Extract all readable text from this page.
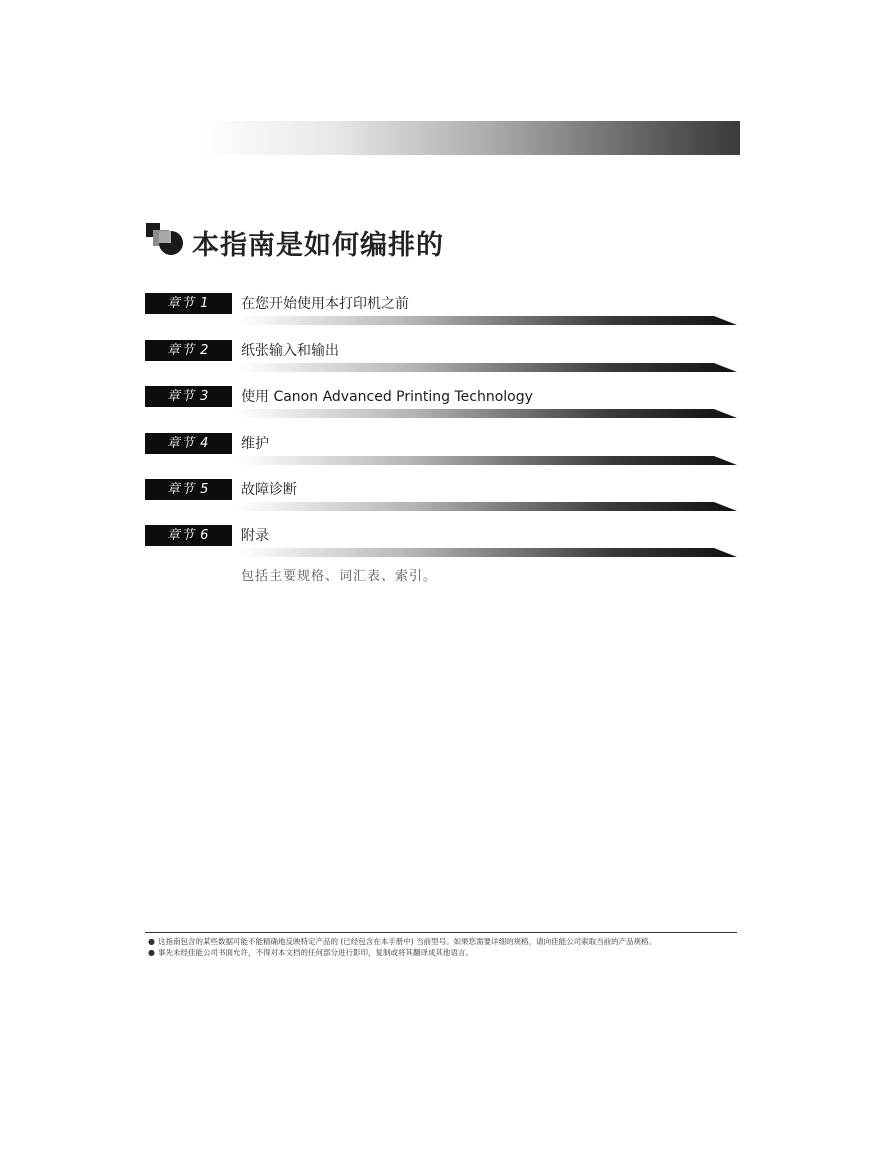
本指南是如何编排的
章节 1	在您开始使用本打印机之前
章节 2	纸张输入和输出
章节 3	使用 Canon Advanced Printing Technology
章节 4	维护
章节 5	故障诊断
章节 6	附录
包括主要规格、词汇表、索引。
● 这指南包含的某些数据可能不能精确地反映特定产品的 (已经包含在本手册中) 当前型号。如果您需要详细的规格，请向佳能公司索取当前的产品规格。
● 事先未经佳能公司书面允许，不得对本文档的任何部分进行影印，复制或将其翻译成其他语言。
